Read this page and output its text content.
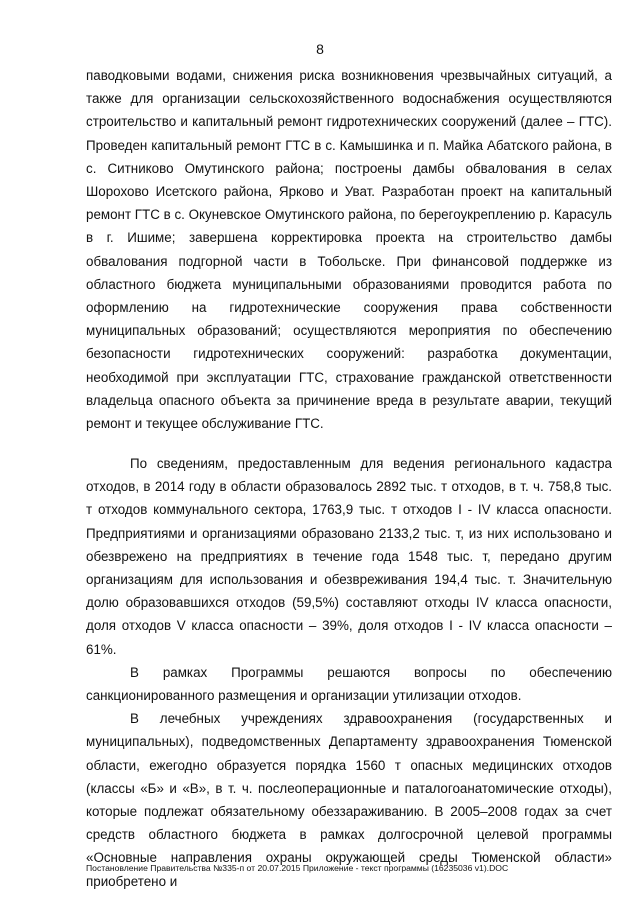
8

паводковыми водами, снижения риска возникновения чрезвычайных ситуаций, а также для организации сельскохозяйственного водоснабжения осуществляются строительство и капитальный ремонт гидротехнических сооружений (далее – ГТС). Проведен капитальный ремонт ГТС в с. Камышинка и п. Майка Абатского района, в с. Ситниково Омутинского района; построены дамбы обвалования в селах Шорохово Исетского района, Ярково и Уват. Разработан проект на капитальный ремонт ГТС в с. Окуневское Омутинского района, по берегоукреплению р. Карасуль в г. Ишиме; завершена корректировка проекта на строительство дамбы обвалования подгорной части в Тобольске. При финансовой поддержке из областного бюджета муниципальными образованиями проводится работа по оформлению на гидротехнические сооружения права собственности муниципальных образований; осуществляются мероприятия по обеспечению безопасности гидротехнических сооружений: разработка документации, необходимой при эксплуатации ГТС, страхование гражданской ответственности владельца опасного объекта за причинение вреда в результате аварии, текущий ремонт и текущее обслуживание ГТС.

По сведениям, предоставленным для ведения регионального кадастра отходов, в 2014 году в области образовалось 2892 тыс. т отходов, в т. ч. 758,8 тыс. т отходов коммунального сектора, 1763,9 тыс. т отходов I - IV класса опасности. Предприятиями и организациями образовано 2133,2 тыс. т, из них использовано и обезврежено на предприятиях в течение года 1548 тыс. т, передано другим организациям для использования и обезвреживания 194,4 тыс. т. Значительную долю образовавшихся отходов (59,5%) составляют отходы IV класса опасности, доля отходов V класса опасности – 39%, доля отходов I - IV класса опасности – 61%.

В рамках Программы решаются вопросы по обеспечению санкционированного размещения и организации утилизации отходов.

В лечебных учреждениях здравоохранения (государственных и муниципальных), подведомственных Департаменту здравоохранения Тюменской области, ежегодно образуется порядка 1560 т опасных медицинских отходов (классы «Б» и «В», в т. ч. послеоперационные и паталогоанатомические отходы), которые подлежат обязательному обеззараживанию. В 2005–2008 годах за счет средств областного бюджета в рамках долгосрочной целевой программы «Основные направления охраны окружающей среды Тюменской области» приобретено и

Постановление Правительства №335-п от 20.07.2015 Приложение - текст программы (16235036 v1).DOC
